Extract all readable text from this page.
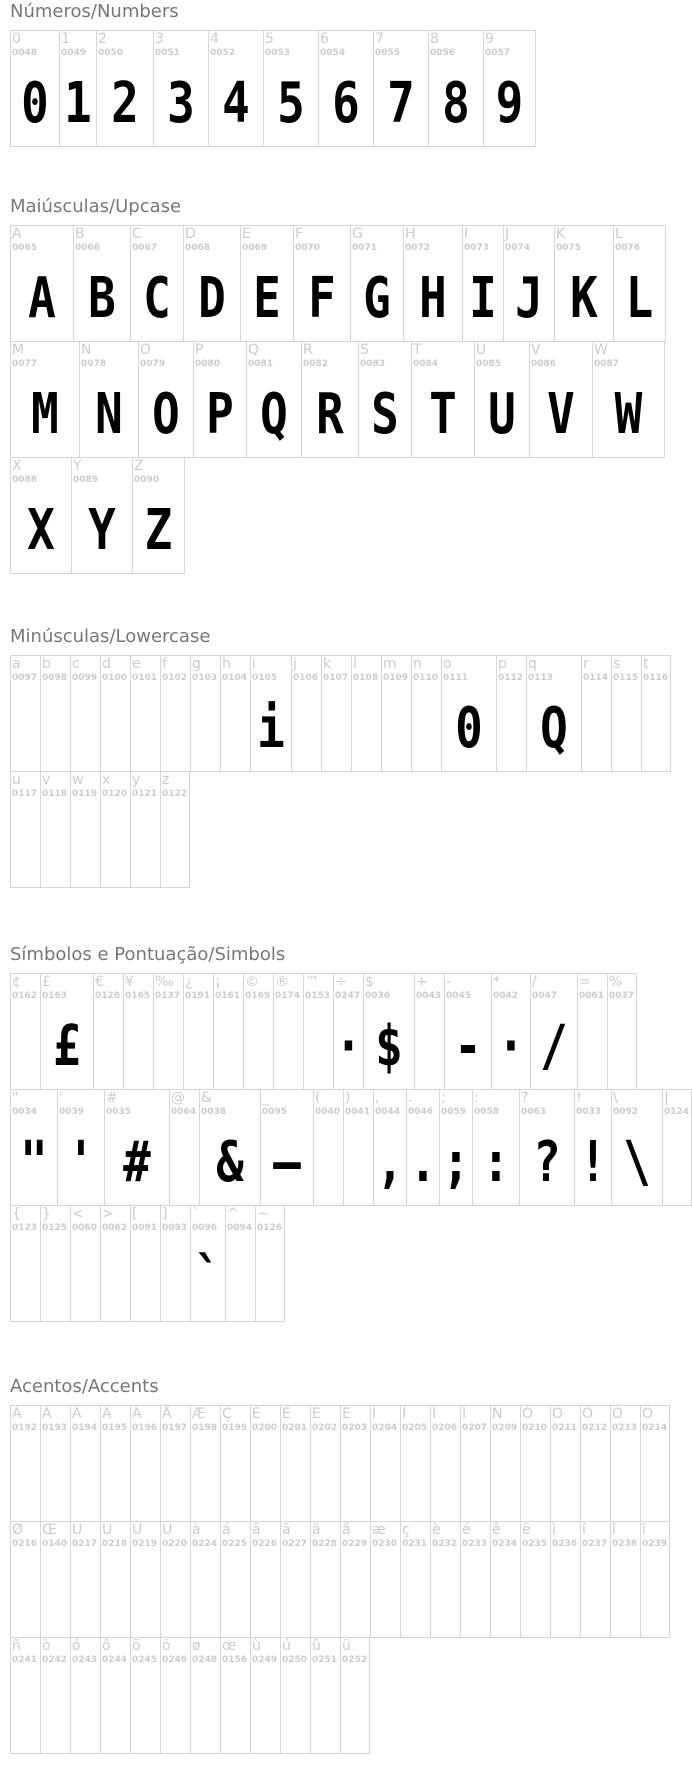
Números/Numbers
0
0048
0
1
0049
1
2
0050
2
3
0051
3
4
0052
4
5
0053
5
6
0054
6
7
0055
7
8
0056
8
9
0057
9
Maiúsculas/Upcase
A
0065
A
B
0066
B
C
0067
C
D
0068
D
E
0069
E
F
0070
F
G
0071
G
H
0072
H
I
0073
I
J
0074
J
K
0075
K
L
0076
L
M
0077
M
N
0078
N
O
0079
O
P
0080
P
Q
0081
Q
R
0082
R
S
0083
S
T
0084
T
U
0085
U
V
0086
V
W
0087
W
X
0088
X
Y
0089
Y
Z
0090
Z
Minúsculas/Lowercase
a
0097
b
0098
c
0099
d
0100
e
0101
f
0102
g
0103
h
0104
i
0105
i
j
0106
k
0107
l
0108
m
0109
n
0110
o
0111
0
p
0112
q
0113
Q
r
0114
s
0115
t
0116
u
0117
v
0118
w
0119
x
0120
y
0121
z
0122
Símbolos e Pontuação/Simbols
¢
0162
£
0163
£
€
0128
¥
0165
‰
0137
¿
0191
¡
0161
©
0169
®
0174
™
0153
÷
0247
·
$
0036
$
+
0043
-
0045
-
*
0042
·
/
0047
/
=
0061
%
0037
"
0034
"
'
0039
'
#
0035
#
@
0064
&
0038
&
_
0095
—
(
0040
)
0041
,
0044
,
.
0046
.
;
0059
;
:
0058
:
?
0063
?
!
0033
!
\
0092
\
|
0124
{
0123
}
0125
<
0060
>
0062
[
0091
]
0093
`
0096
`
^
0094
~
0126
Acentos/Accents
À
0192
Á
0193
Â
0194
Ã
0195
Ä
0196
Å
0197
Æ
0198
Ç
0199
È
0200
É
0201
Ê
0202
Ë
0203
Ì
0204
Í
0205
Î
0206
Ï
0207
Ñ
0209
Ò
0210
Ó
0211
Ô
0212
Õ
0213
Ö
0214
Ø
0216
Œ
0140
Ù
0217
Ú
0218
Û
0219
Ü
0220
à
0224
á
0225
â
0226
ã
0227
ä
0228
å
0229
æ
0230
ç
0231
è
0232
é
0233
ê
0234
ë
0235
ì
0236
í
0237
î
0238
ï
0239
ñ
0241
ò
0242
ó
0243
ô
0244
õ
0245
ö
0246
ø
0248
œ
0156
ù
0249
ú
0250
û
0251
ü
0252
